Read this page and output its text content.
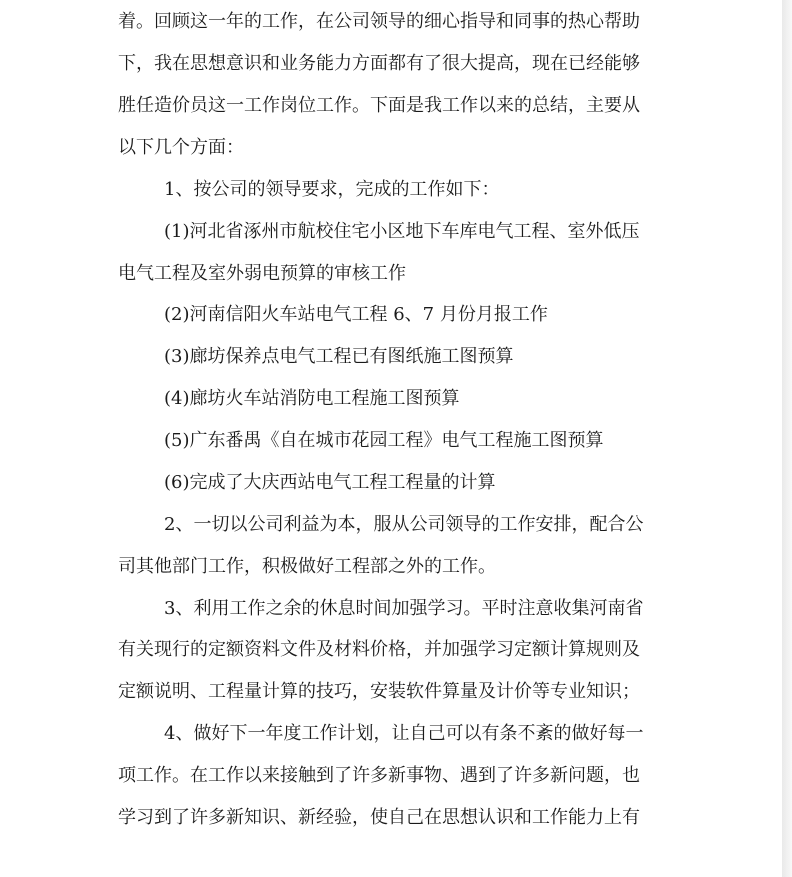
着。回顾这一年的工作，在公司领导的细心指导和同事的热心帮助
下，我在思想意识和业务能力方面都有了很大提高，现在已经能够
胜任造价员这一工作岗位工作。下面是我工作以来的总结，主要从
以下几个方面：
1、按公司的领导要求，完成的工作如下：
(1)河北省涿州市航校住宅小区地下车库电气工程、室外低压
电气工程及室外弱电预算的审核工作
(2)河南信阳火车站电气工程 6、7 月份月报工作
(3)廊坊保养点电气工程已有图纸施工图预算
(4)廊坊火车站消防电工程施工图预算
(5)广东番禺《自在城市花园工程》电气工程施工图预算
(6)完成了大庆西站电气工程工程量的计算
2、一切以公司利益为本，服从公司领导的工作安排，配合公
司其他部门工作，积极做好工程部之外的工作。
3、利用工作之余的休息时间加强学习。平时注意收集河南省
有关现行的定额资料文件及材料价格，并加强学习定额计算规则及
定额说明、工程量计算的技巧，安装软件算量及计价等专业知识；
4、做好下一年度工作计划，让自己可以有条不紊的做好每一
项工作。在工作以来接触到了许多新事物、遇到了许多新问题，也
学习到了许多新知识、新经验，使自己在思想认识和工作能力上有
